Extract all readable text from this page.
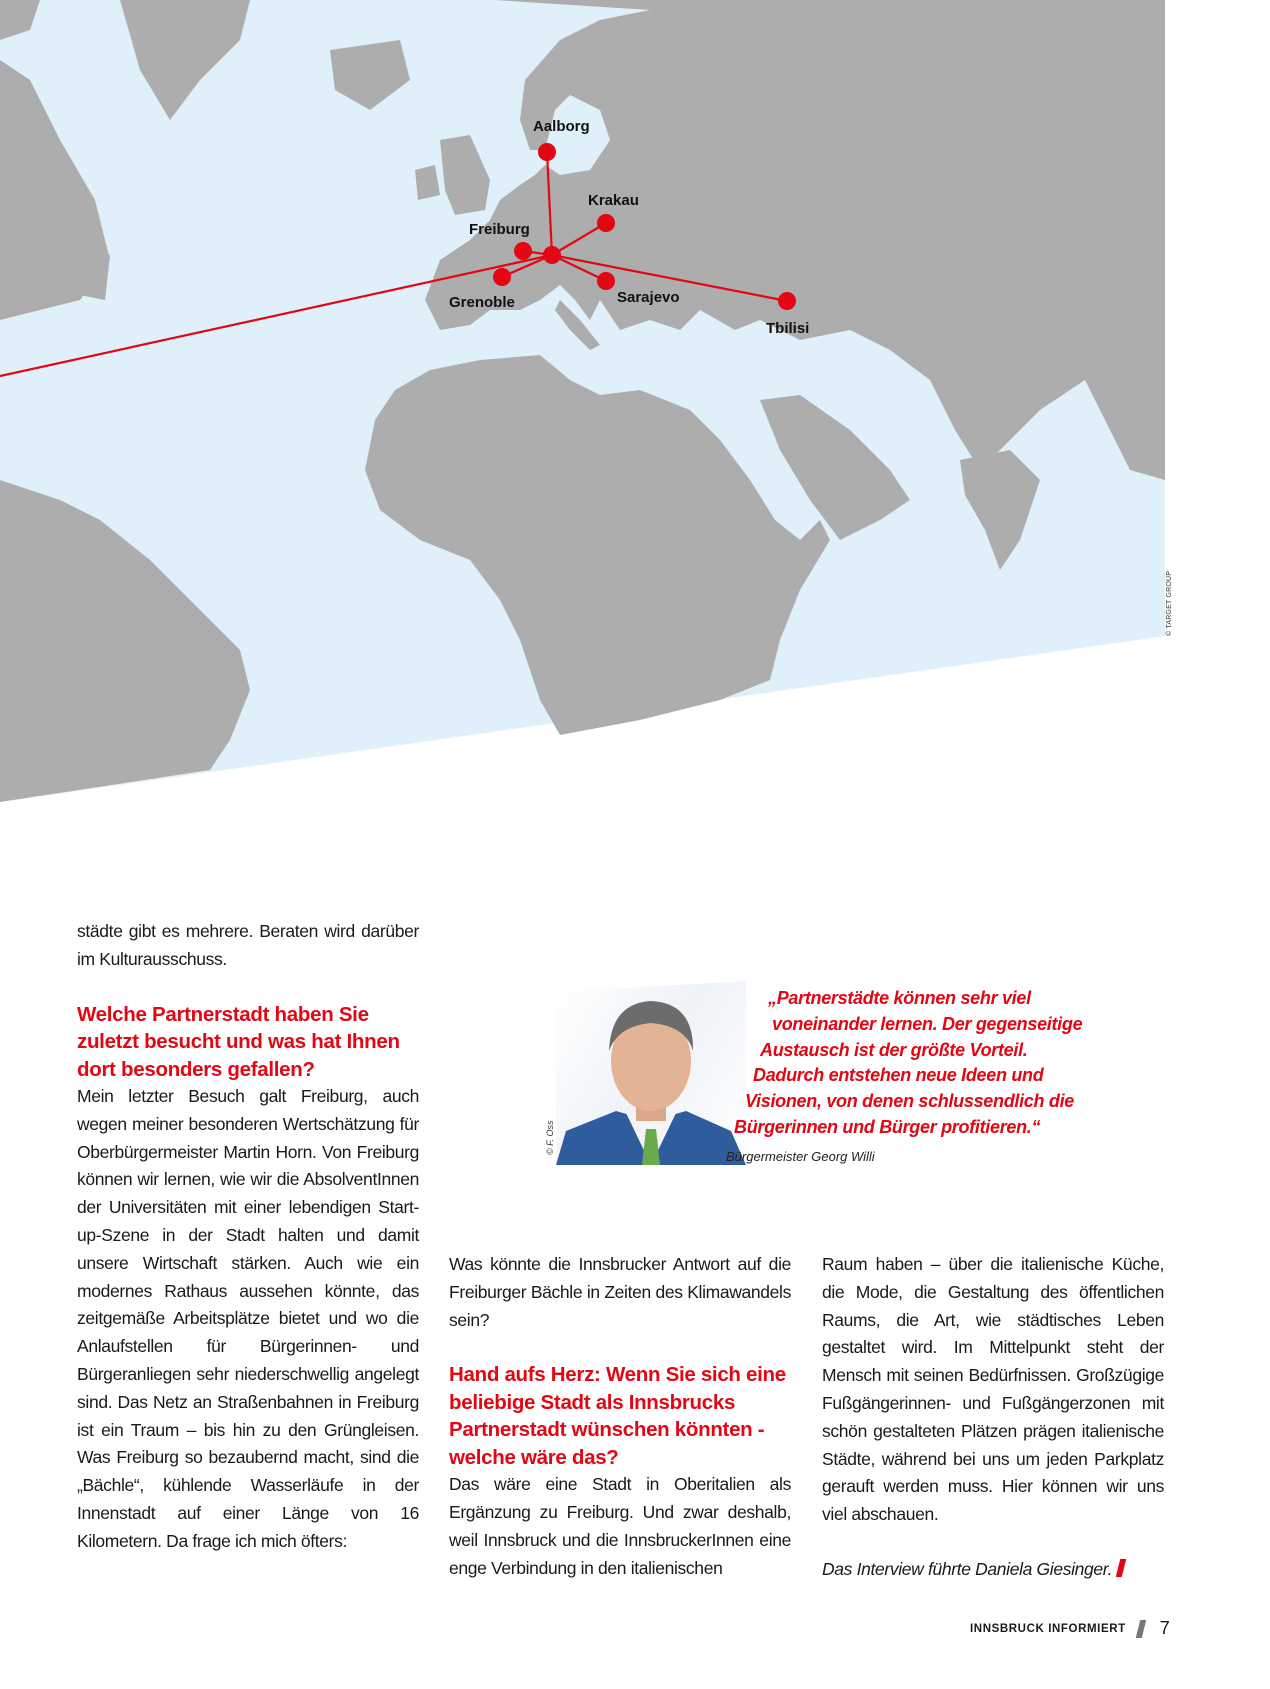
Aalborg
Krakau
Freiburg
Grenoble	Sarajevo
Tbilisi
© TARGET GROUP

städte gibt es mehrere. Beraten wird darüber im Kulturausschuss.

Welche Partnerstadt haben Sie zuletzt besucht und was hat Ihnen dort besonders gefallen?

Mein letzter Besuch galt Freiburg, auch wegen meiner besonderen Wertschätzung für Oberbürgermeister Martin Horn. Von Freiburg können wir lernen, wie wir die AbsolventInnen der Universitäten mit einer lebendigen Start-up-Szene in der Stadt halten und damit unsere Wirtschaft stärken. Auch wie ein modernes Rathaus aussehen könnte, das zeitgemäße Arbeitsplätze bietet und wo die Anlaufstellen für Bürgerinnen- und Bürgeranliegen sehr niederschwellig angelegt sind. Das Netz an Straßenbahnen in Freiburg ist ein Traum – bis hin zu den Grüngleisen. Was Freiburg so bezaubernd macht, sind die „Bächle“, kühlende Wasserläufe in der Innenstadt auf einer Länge von 16 Kilometern. Da frage ich mich öfters:

Was könnte die Innsbrucker Antwort auf die Freiburger Bächle in Zeiten des Klimawandels sein?

Hand aufs Herz: Wenn Sie sich eine beliebige Stadt als Innsbrucks Partnerstadt wünschen könnten - welche wäre das?

Das wäre eine Stadt in Oberitalien als Ergänzung zu Freiburg. Und zwar deshalb, weil Innsbruck und die InnsbruckerInnen eine enge Verbindung in den italienischen

Raum haben – über die italienische Küche, die Mode, die Gestaltung des öffentlichen Raums, die Art, wie städtisches Leben gestaltet wird. Im Mittelpunkt steht der Mensch mit seinen Bedürfnissen. Großzügige Fußgängerinnen- und Fußgängerzonen mit schön gestalteten Plätzen prägen italienische Städte, während bei uns um jeden Parkplatz gerauft werden muss. Hier können wir uns viel abschauen.

Das Interview führte Daniela Giesinger.

© F. Oss
„Partnerstädte können sehr viel
voneinander lernen. Der gegenseitige
Austausch ist der größte Vorteil.
Dadurch entstehen neue Ideen und
Visionen, von denen schlussendlich die
Bürgerinnen und Bürger profitieren.“
Bürgermeister Georg Willi
INNSBRUCK INFORMIERT 7
